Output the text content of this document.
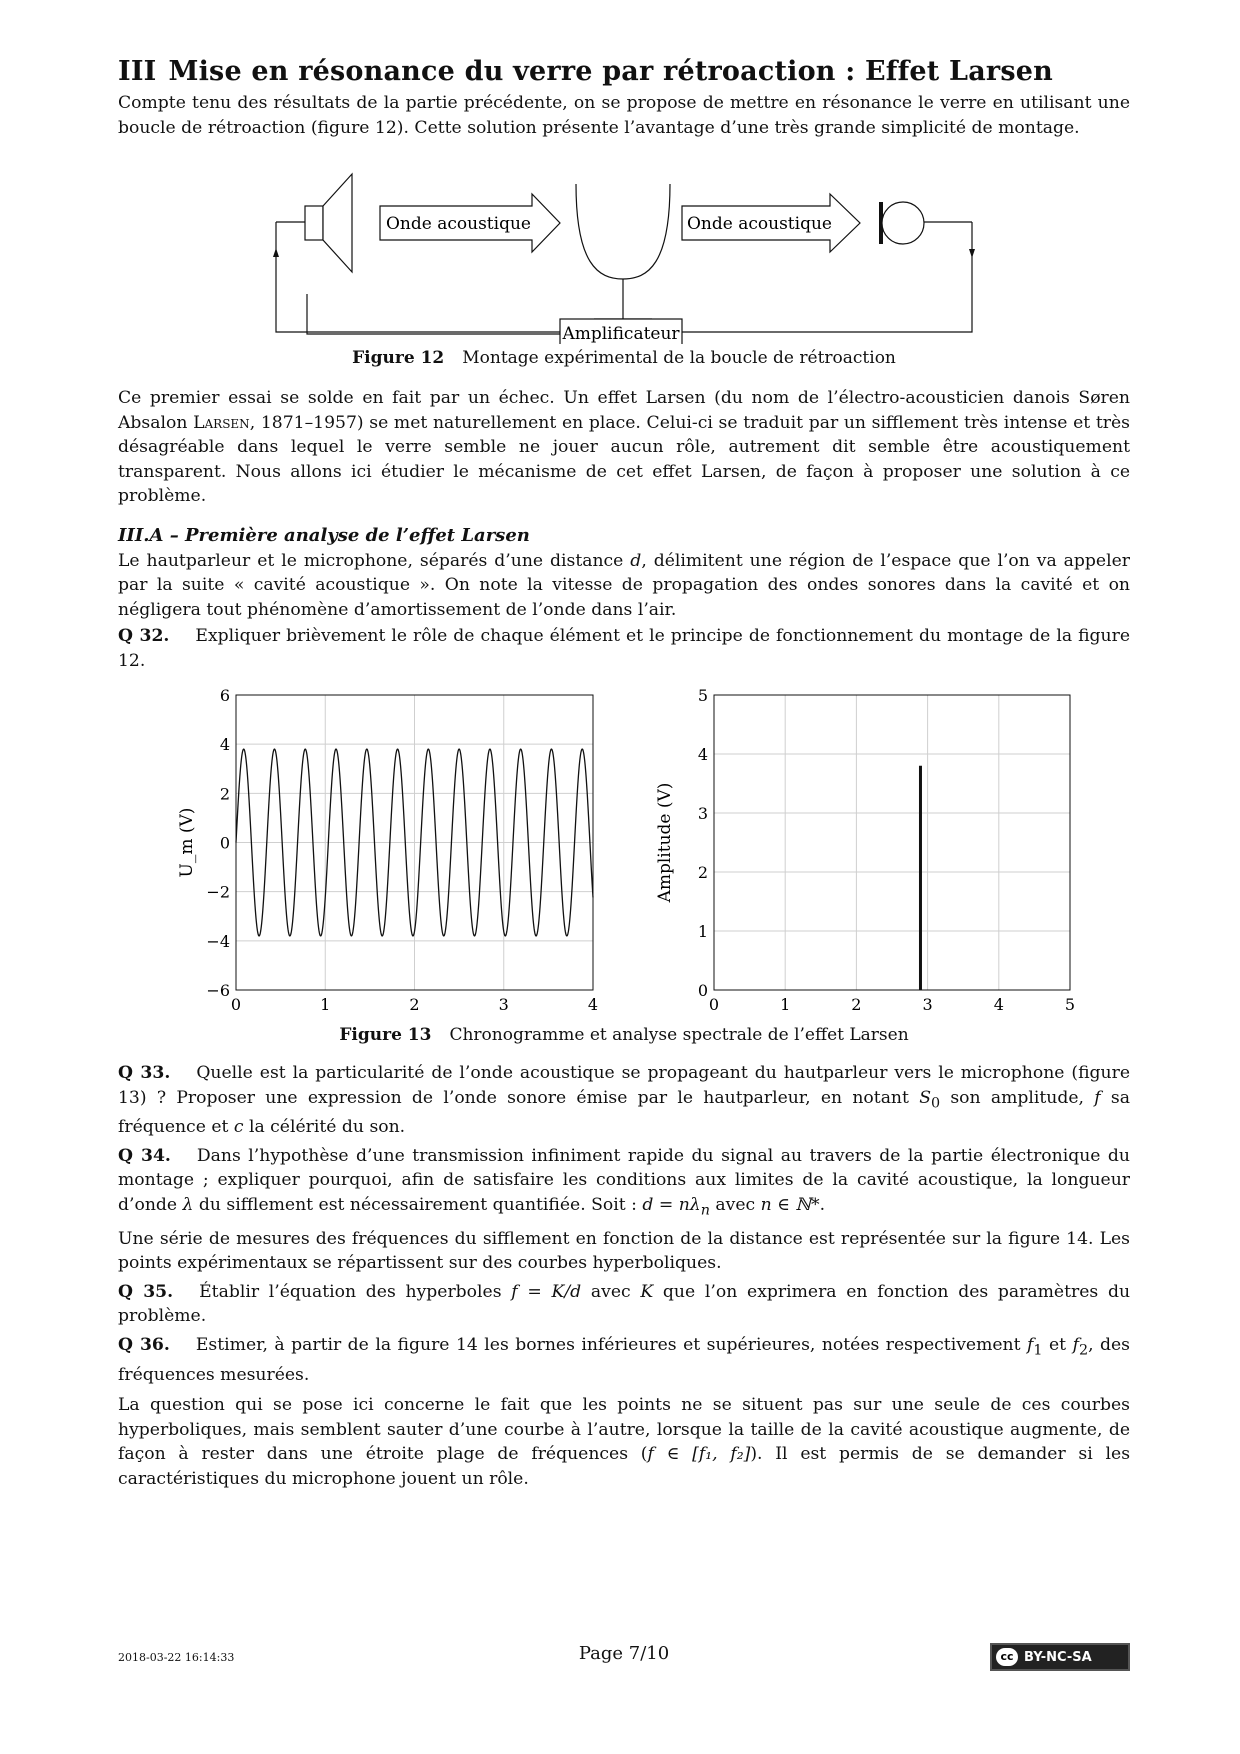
III Mise en résonance du verre par rétroaction : Effet Larsen

Compte tenu des résultats de la partie précédente, on se propose de mettre en résonance le verre en utilisant une boucle de rétroaction (figure 12). Cette solution présente l’avantage d’une très grande simplicité de montage.

Onde acoustique	Onde acoustique
Amplificateur

Figure 12 Montage expérimental de la boucle de rétroaction

Ce premier essai se solde en fait par un échec. Un effet Larsen (du nom de l’électro-acousticien danois Søren Absalon Larsen, 1871–1957) se met naturellement en place. Celui-ci se traduit par un sifflement très intense et très désagréable dans lequel le verre semble ne jouer aucun rôle, autrement dit semble être acoustiquement transparent. Nous allons ici étudier le mécanisme de cet effet Larsen, de façon à proposer une solution à ce problème.

III.A – Première analyse de l’effet Larsen

Le hautparleur et le microphone, séparés d’une distance d, délimitent une région de l’espace que l’on va appeler par la suite « cavité acoustique ». On note la vitesse de propagation des ondes sonores dans la cavité et on négligera tout phénomène d’amortissement de l’onde dans l’air.

Q 32. Expliquer brièvement le rôle de chaque élément et le principe de fonctionnement du montage de la figure 12.

0	1	2	3	4
−6
−4
−2
0
2
4
6
U_m (V)
0	1	2	3	4	5
0
1
2
3
4
5
Amplitude (V)

Figure 13 Chronogramme et analyse spectrale de l’effet Larsen

Q 33. Quelle est la particularité de l’onde acoustique se propageant du hautparleur vers le microphone (figure 13) ? Proposer une expression de l’onde sonore émise par le hautparleur, en notant $S_0$ son amplitude, f sa fréquence et c la célérité du son.

Q 34. Dans l’hypothèse d’une transmission infiniment rapide du signal au travers de la partie électronique du montage ; expliquer pourquoi, afin de satisfaire les conditions aux limites de la cavité acoustique, la longueur d’onde λ du sifflement est nécessairement quantifiée. Soit : $d = n\lambda_n$ avec n ∈ ℕ*.

Une série de mesures des fréquences du sifflement en fonction de la distance est représentée sur la figure 14. Les points expérimentaux se répartissent sur des courbes hyperboliques.

Q 35. Établir l’équation des hyperboles f = K/d avec K que l’on exprimera en fonction des paramètres du problème.

Q 36. Estimer, à partir de la figure 14 les bornes inférieures et supérieures, notées respectivement $f_1$ et $f_2$, des fréquences mesurées.

La question qui se pose ici concerne le fait que les points ne se situent pas sur une seule de ces courbes hyperboliques, mais semblent sauter d’une courbe à l’autre, lorsque la taille de la cavité acoustique augmente, de façon à rester dans une étroite plage de fréquences (f ∈ [f₁, f₂]). Il est permis de se demander si les caractéristiques du microphone jouent un rôle.

2018-03-22 16:14:33	Page 7/10	cc BY-NC-SA
